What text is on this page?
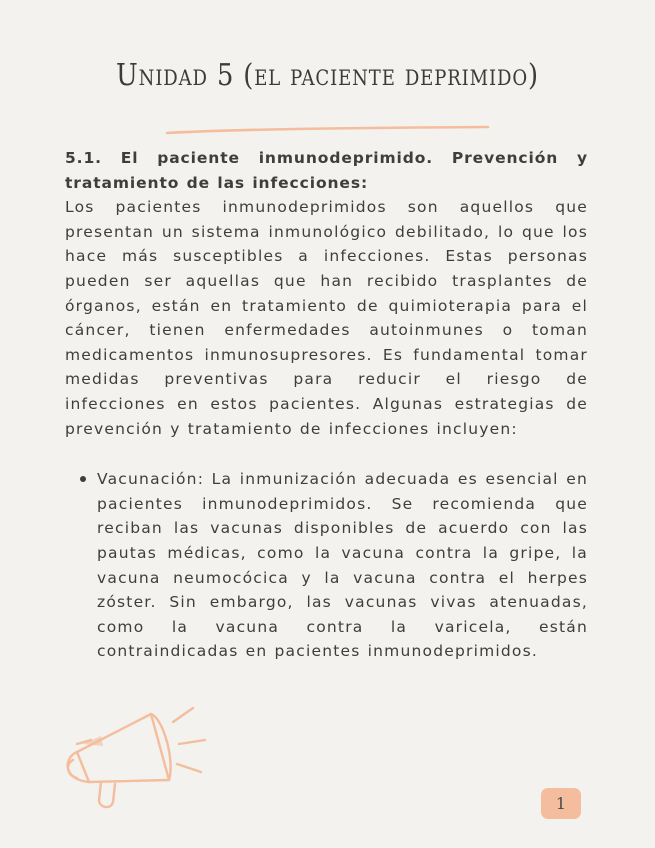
Unidad 5 (el paciente deprimido)

5.1. El paciente inmunodeprimido. Prevención y tratamiento de las infecciones:

Los pacientes inmunodeprimidos son aquellos que presentan un sistema inmunológico debilitado, lo que los hace más susceptibles a infecciones. Estas personas pueden ser aquellas que han recibido trasplantes de órganos, están en tratamiento de quimioterapia para el cáncer, tienen enfermedades autoinmunes o toman medicamentos inmunosupresores. Es fundamental tomar medidas preventivas para reducir el riesgo de infecciones en estos pacientes. Algunas estrategias de prevención y tratamiento de infecciones incluyen:

Vacunación: La inmunización adecuada es esencial en pacientes inmunodeprimidos. Se recomienda que reciban las vacunas disponibles de acuerdo con las pautas médicas, como la vacuna contra la gripe, la vacuna neumocócica y la vacuna contra el herpes zóster. Sin embargo, las vacunas vivas atenuadas, como la vacuna contra la varicela, están contraindicadas en pacientes inmunodeprimidos.
1
